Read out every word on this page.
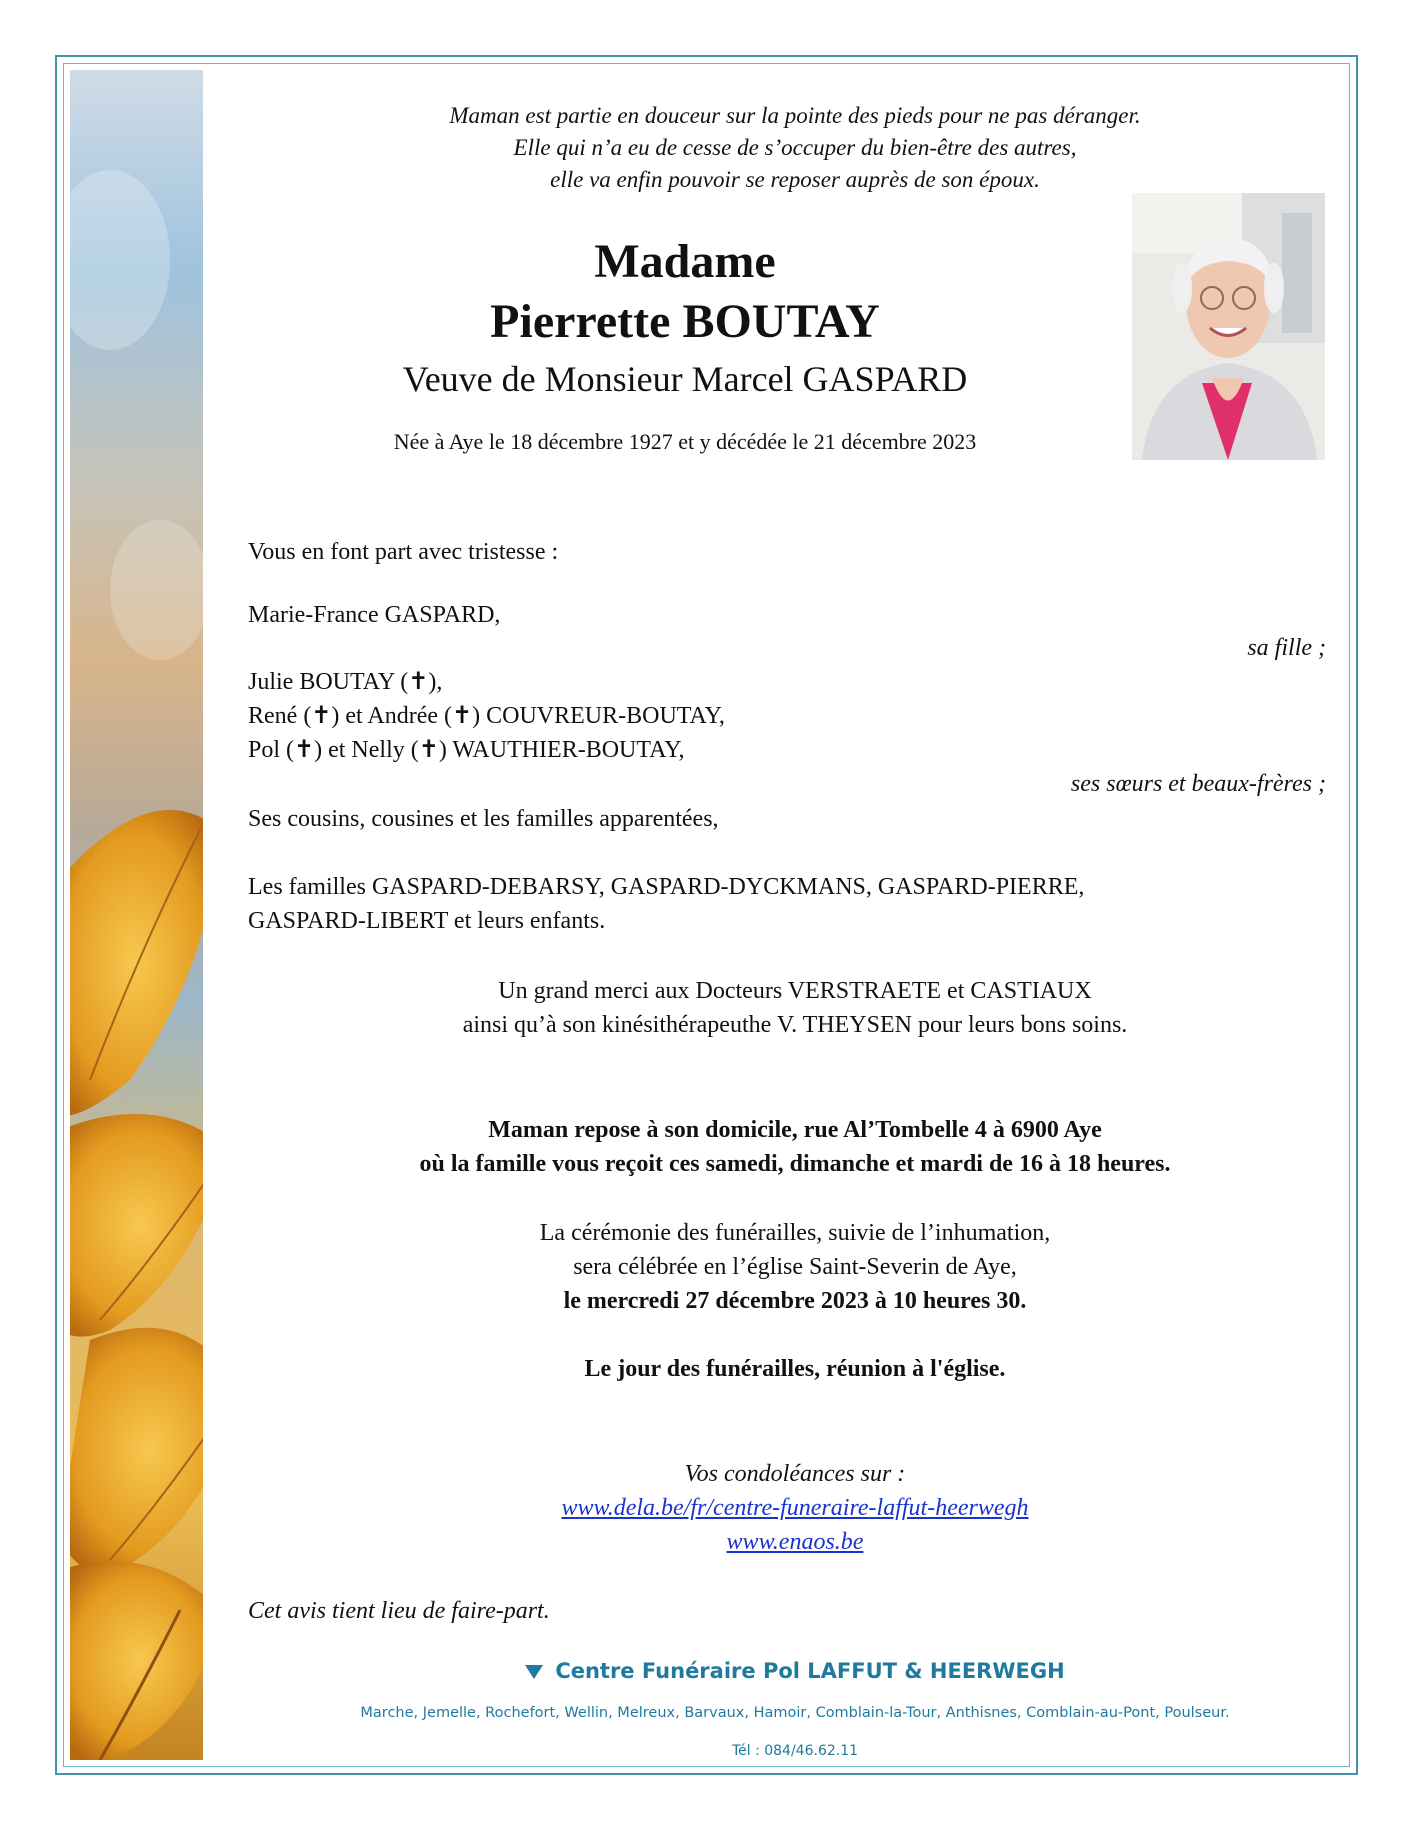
Maman est partie en douceur sur la pointe des pieds pour ne pas déranger.
Elle qui n’a eu de cesse de s’occuper du bien-être des autres,
elle va enfin pouvoir se reposer auprès de son époux.
Madame
Pierrette BOUTAY
Veuve de Monsieur Marcel GASPARD
Née à Aye le 18 décembre 1927 et y décédée le 21 décembre 2023
Vous en font part avec tristesse :
Marie-France GASPARD,
sa fille ;
Julie BOUTAY (✝),
René (✝) et Andrée (✝) COUVREUR-BOUTAY,
Pol (✝) et Nelly (✝) WAUTHIER-BOUTAY,
ses sœurs et beaux-frères ;
Ses cousins, cousines et les familles apparentées,
Les familles GASPARD-DEBARSY, GASPARD-DYCKMANS, GASPARD-PIERRE,
GASPARD-LIBERT et leurs enfants.
Un grand merci aux Docteurs VERSTRAETE et CASTIAUX
ainsi qu’à son kinésithérapeuthe V. THEYSEN pour leurs bons soins.
Maman repose à son domicile, rue Al’Tombelle 4 à 6900 Aye
où la famille vous reçoit ces samedi, dimanche et mardi de 16 à 18 heures.
La cérémonie des funérailles, suivie de l’inhumation,
sera célébrée en l’église Saint-Severin de Aye,
le mercredi 27 décembre 2023 à 10 heures 30.
Le jour des funérailles, réunion à l'église.
Vos condoléances sur :
www.dela.be/fr/centre-funeraire-laffut-heerwegh
www.enaos.be
Cet avis tient lieu de faire-part.
Centre Funéraire Pol LAFFUT & HEERWEGH
Marche, Jemelle, Rochefort, Wellin, Melreux, Barvaux, Hamoir, Comblain-la-Tour, Anthisnes, Comblain-au-Pont, Poulseur.
Tél : 084/46.62.11
